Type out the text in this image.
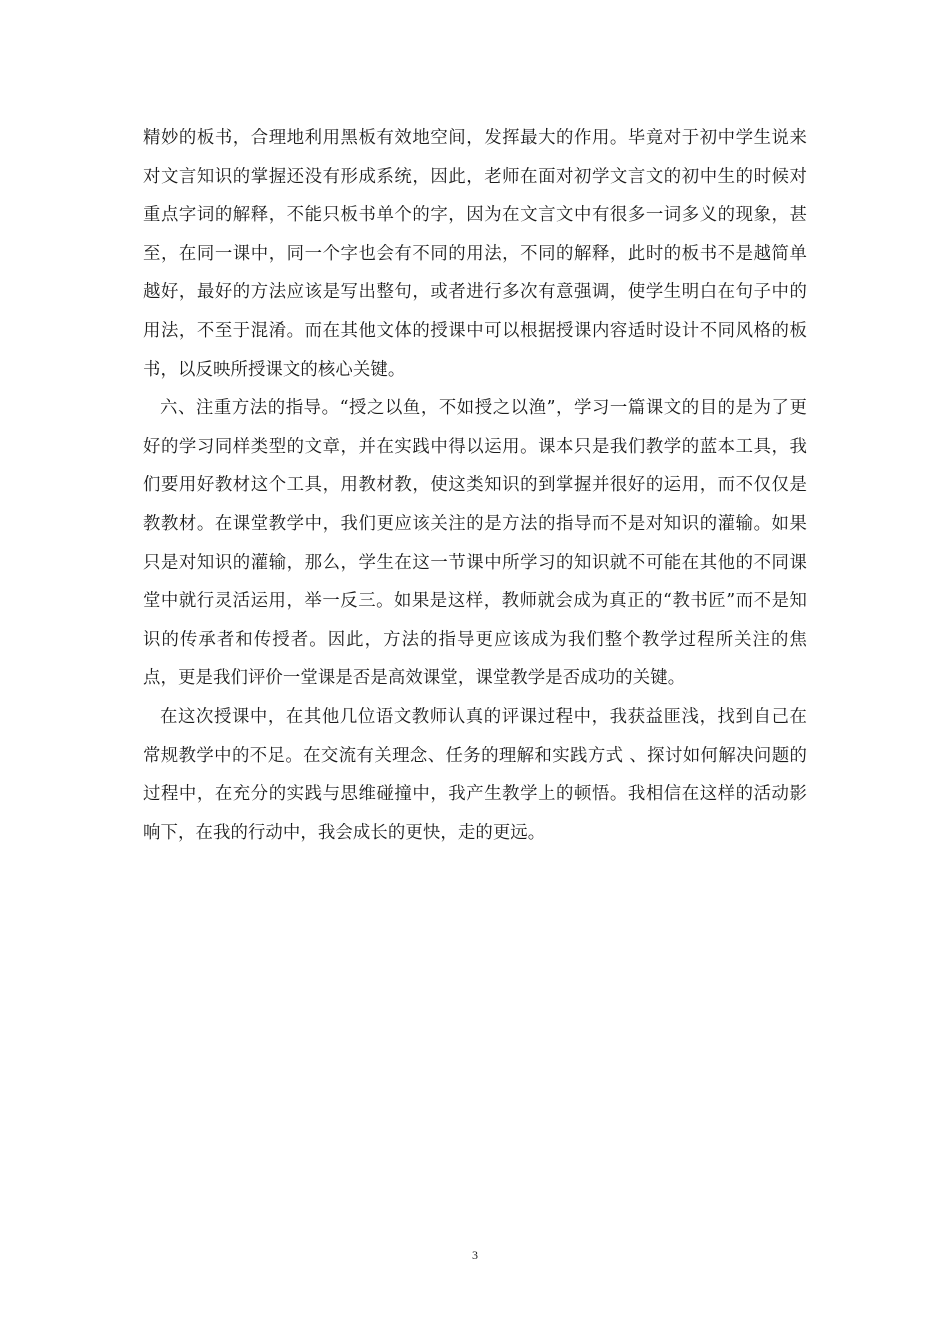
精妙的板书，合理地利用黑板有效地空间，发挥最大的作用。毕竟对于初中学生说来对文言知识的掌握还没有形成系统，因此，老师在面对初学文言文的初中生的时候对重点字词的解释，不能只板书单个的字，因为在文言文中有很多一词多义的现象，甚至，在同一课中，同一个字也会有不同的用法，不同的解释，此时的板书不是越简单越好，最好的方法应该是写出整句，或者进行多次有意强调，使学生明白在句子中的用法，不至于混淆。而在其他文体的授课中可以根据授课内容适时设计不同风格的板书，以反映所授课文的核心关键。

六、注重方法的指导。“授之以鱼，不如授之以渔”，学习一篇课文的目的是为了更好的学习同样类型的文章，并在实践中得以运用。课本只是我们教学的蓝本工具，我们要用好教材这个工具，用教材教，使这类知识的到掌握并很好的运用，而不仅仅是教教材。在课堂教学中，我们更应该关注的是方法的指导而不是对知识的灌输。如果只是对知识的灌输，那么，学生在这一节课中所学习的知识就不可能在其他的不同课堂中就行灵活运用，举一反三。如果是这样，教师就会成为真正的“教书匠”而不是知识的传承者和传授者。因此，方法的指导更应该成为我们整个教学过程所关注的焦点，更是我们评价一堂课是否是高效课堂，课堂教学是否成功的关键。

在这次授课中，在其他几位语文教师认真的评课过程中，我获益匪浅，找到自己在常规教学中的不足。在交流有关理念、任务的理解和实践方式 、探讨如何解决问题的过程中，在充分的实践与思维碰撞中，我产生教学上的顿悟。我相信在这样的活动影响下，在我的行动中，我会成长的更快，走的更远。

3
